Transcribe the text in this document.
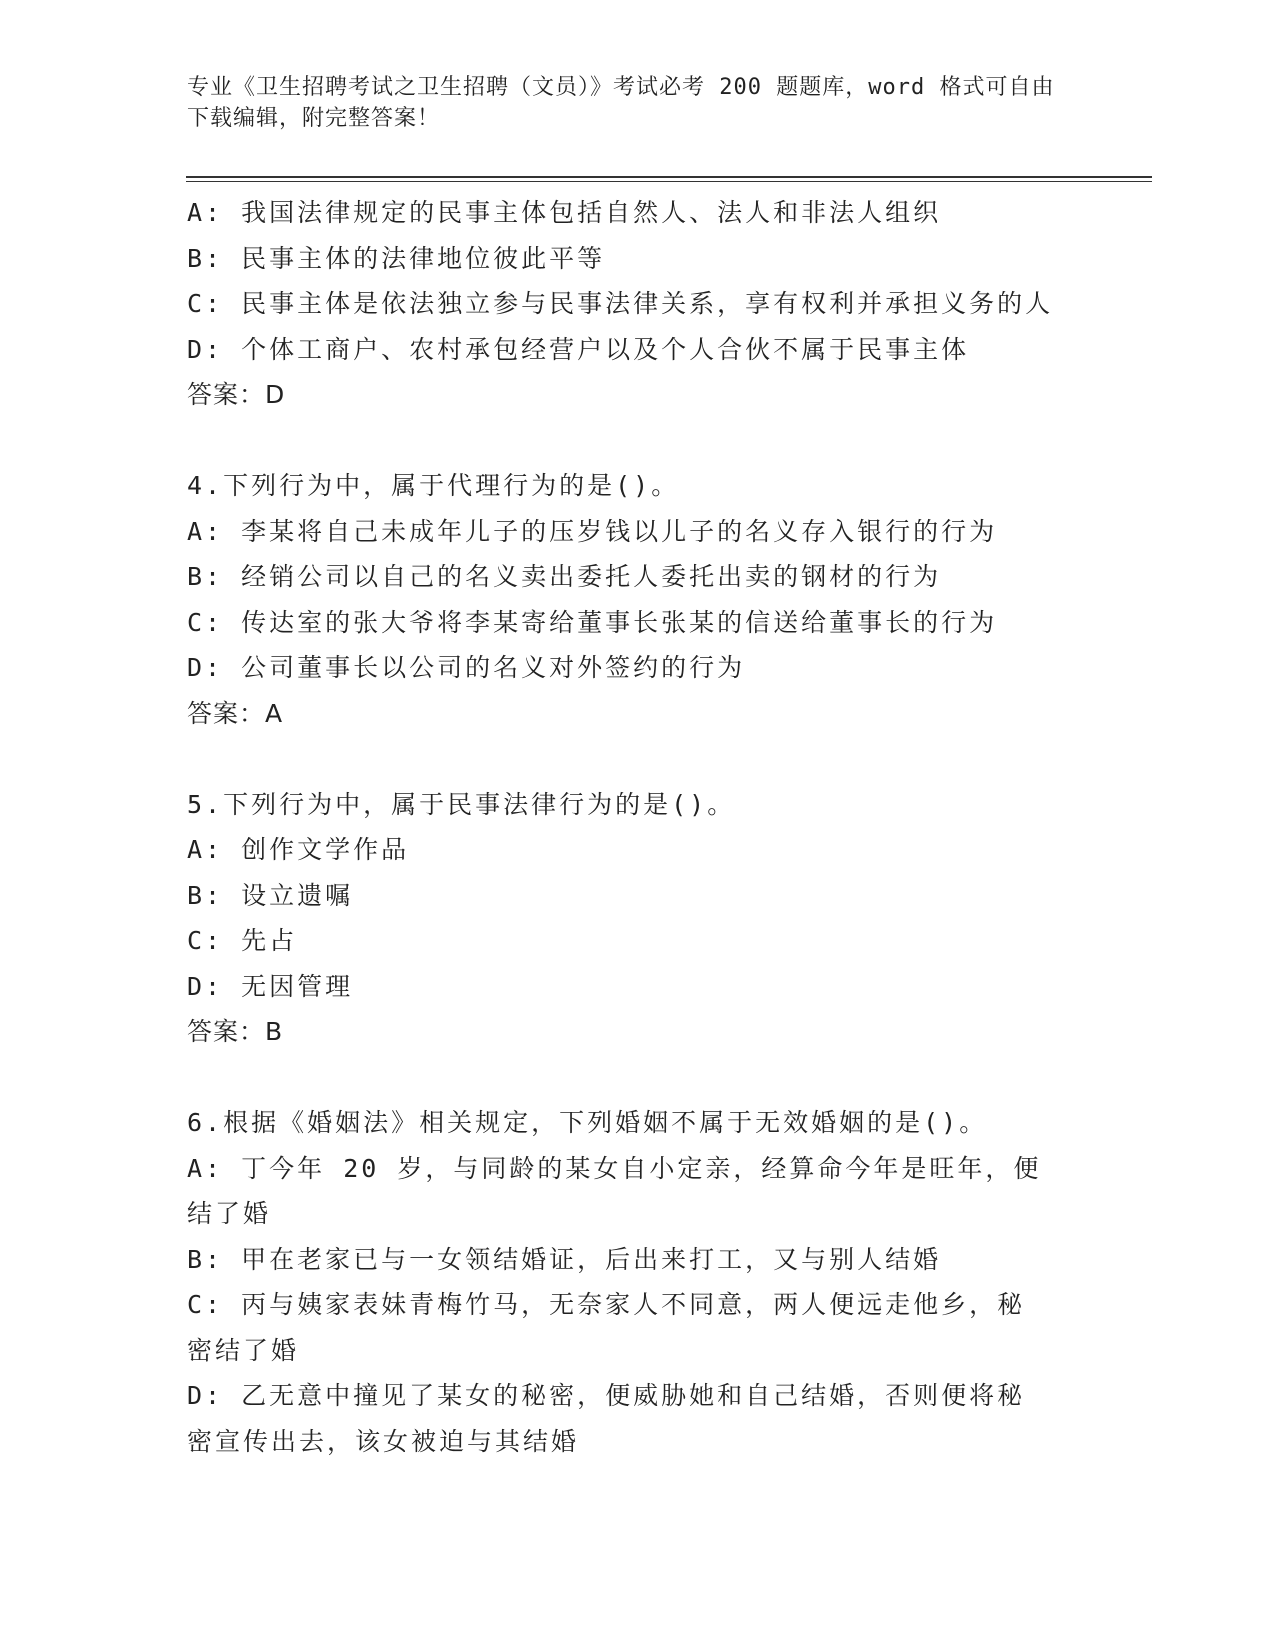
专业《卫生招聘考试之卫生招聘（文员）》考试必考 200 题题库，word 格式可自由下载编辑，附完整答案！
A: 我国法律规定的民事主体包括自然人、法人和非法人组织
B: 民事主体的法律地位彼此平等
C: 民事主体是依法独立参与民事法律关系，享有权利并承担义务的人
D: 个体工商户、农村承包经营户以及个人合伙不属于民事主体
答案：D
4.下列行为中，属于代理行为的是()。
A: 李某将自己未成年儿子的压岁钱以儿子的名义存入银行的行为
B: 经销公司以自己的名义卖出委托人委托出卖的钢材的行为
C: 传达室的张大爷将李某寄给董事长张某的信送给董事长的行为
D: 公司董事长以公司的名义对外签约的行为
答案：A
5.下列行为中，属于民事法律行为的是()。
A: 创作文学作品
B: 设立遗嘱
C: 先占
D: 无因管理
答案：B
6.根据《婚姻法》相关规定，下列婚姻不属于无效婚姻的是()。
A: 丁今年 20 岁，与同龄的某女自小定亲，经算命今年是旺年，便结了婚
B: 甲在老家已与一女领结婚证，后出来打工，又与别人结婚
C: 丙与姨家表妹青梅竹马，无奈家人不同意，两人便远走他乡，秘密结了婚
D: 乙无意中撞见了某女的秘密，便威胁她和自己结婚，否则便将秘密宣传出去，该女被迫与其结婚
